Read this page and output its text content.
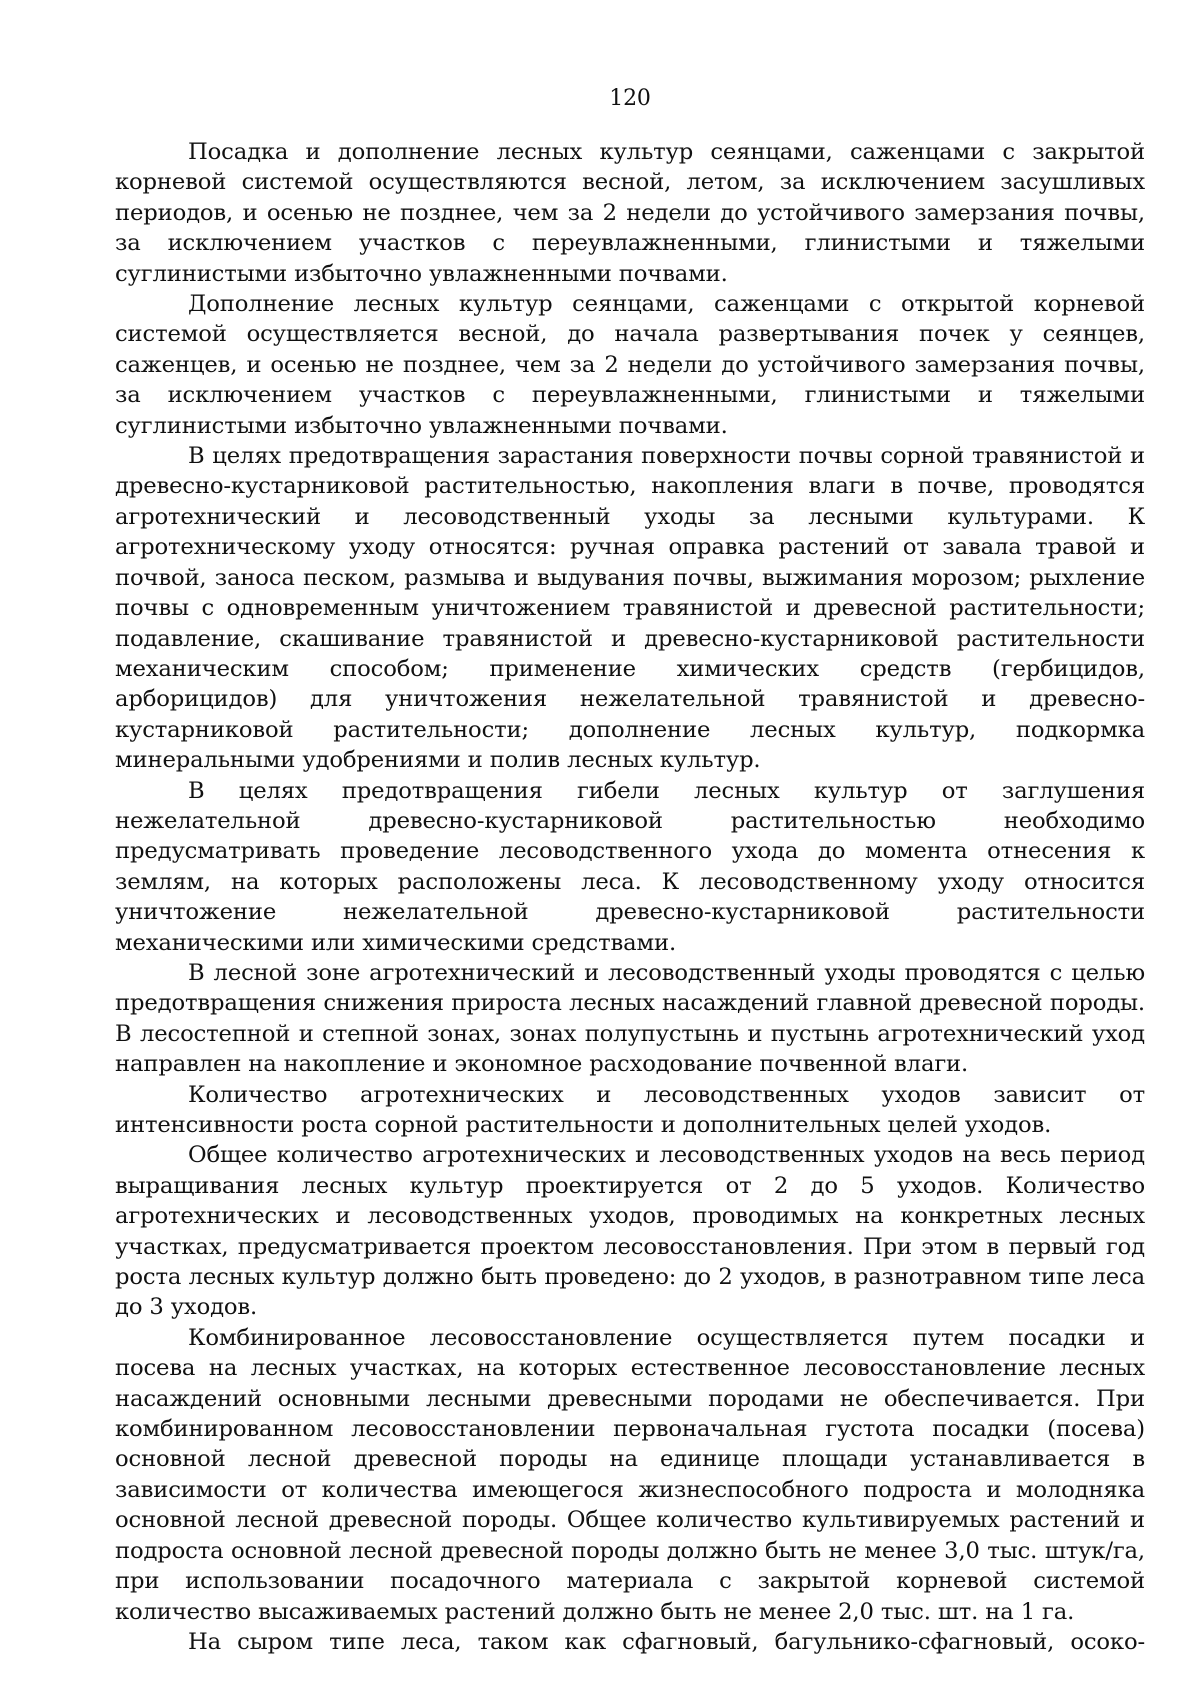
120

Посадка и дополнение лесных культур сеянцами, саженцами с закрытой корневой системой осуществляются весной, летом, за исключением засушливых периодов, и осенью не позднее, чем за 2 недели до устойчивого замерзания почвы, за исключением участков с переувлажненными, глинистыми и тяжелыми суглинистыми избыточно увлажненными почвами.

Дополнение лесных культур сеянцами, саженцами с открытой корневой системой осуществляется весной, до начала развертывания почек у сеянцев, саженцев, и осенью не позднее, чем за 2 недели до устойчивого замерзания почвы, за исключением участков с переувлажненными, глинистыми и тяжелыми суглинистыми избыточно увлажненными почвами.

В целях предотвращения зарастания поверхности почвы сорной травянистой и древесно-кустарниковой растительностью, накопления влаги в почве, проводятся агротехнический и лесоводственный уходы за лесными культурами. К агротехническому уходу относятся: ручная оправка растений от завала травой и почвой, заноса песком, размыва и выдувания почвы, выжимания морозом; рыхление почвы с одновременным уничтожением травянистой и древесной растительности; подавление, скашивание травянистой и древесно-кустарниковой растительности механическим способом; применение химических средств (гербицидов, арборицидов) для уничтожения нежелательной травянистой и древесно-кустарниковой растительности; дополнение лесных культур, подкормка минеральными удобрениями и полив лесных культур.

В целях предотвращения гибели лесных культур от заглушения нежелательной древесно-кустарниковой растительностью необходимо предусматривать проведение лесоводственного ухода до момента отнесения к землям, на которых расположены леса. К лесоводственному уходу относится уничтожение нежелательной древесно-кустарниковой растительности механическими или химическими средствами.

В лесной зоне агротехнический и лесоводственный уходы проводятся с целью предотвращения снижения прироста лесных насаждений главной древесной породы. В лесостепной и степной зонах, зонах полупустынь и пустынь агротехнический уход направлен на накопление и экономное расходование почвенной влаги.

Количество агротехнических и лесоводственных уходов зависит от интенсивности роста сорной растительности и дополнительных целей уходов.

Общее количество агротехнических и лесоводственных уходов на весь период выращивания лесных культур проектируется от 2 до 5 уходов. Количество агротехнических и лесоводственных уходов, проводимых на конкретных лесных участках, предусматривается проектом лесовосстановления. При этом в первый год роста лесных культур должно быть проведено: до 2 уходов, в разнотравном типе леса до 3 уходов.

Комбинированное лесовосстановление осуществляется путем посадки и посева на лесных участках, на которых естественное лесовосстановление лесных насаждений основными лесными древесными породами не обеспечивается. При комбинированном лесовосстановлении первоначальная густота посадки (посева) основной лесной древесной породы на единице площади устанавливается в зависимости от количества имеющегося жизнеспособного подроста и молодняка основной лесной древесной породы. Общее количество культивируемых растений и подроста основной лесной древесной породы должно быть не менее 3,0 тыс. штук/га, при использовании посадочного материала с закрытой корневой системой количество высаживаемых растений должно быть не менее 2,0 тыс. шт. на 1 га.

На сыром типе леса, таком как сфагновый, багульнико-сфагновый, осоко-
